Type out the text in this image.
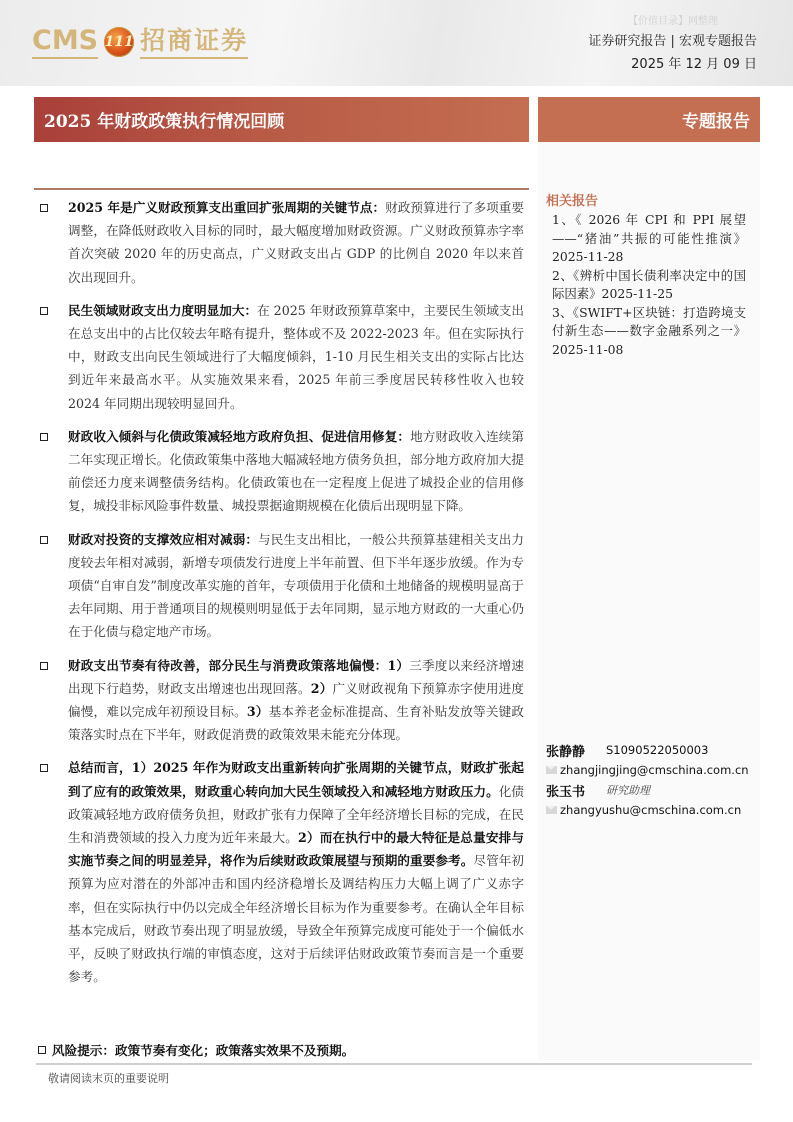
CMS 111 招商证券
【价值目录】网整理
证券研究报告 | 宏观专题报告
2025 年 12 月 09 日
2025 年财政政策执行情况回顾	专题报告
2025 年是广义财政预算支出重回扩张周期的关键节点：财政预算进行了多项重要调整，在降低财政收入目标的同时，最大幅度增加财政资源。广义财政预算赤字率首次突破 2020 年的历史高点，广义财政支出占 GDP 的比例自 2020 年以来首次出现回升。
民生领域财政支出力度明显加大：在 2025 年财政预算草案中，主要民生领域支出在总支出中的占比仅较去年略有提升，整体或不及 2022-2023 年。但在实际执行中，财政支出向民生领域进行了大幅度倾斜，1-10 月民生相关支出的实际占比达到近年来最高水平。从实施效果来看，2025 年前三季度居民转移性收入也较 2024 年同期出现较明显回升。
财政收入倾斜与化债政策减轻地方政府负担、促进信用修复：地方财政收入连续第二年实现正增长。化债政策集中落地大幅减轻地方债务负担，部分地方政府加大提前偿还力度来调整债务结构。化债政策也在一定程度上促进了城投企业的信用修复，城投非标风险事件数量、城投票据逾期规模在化债后出现明显下降。
财政对投资的支撑效应相对减弱：与民生支出相比，一般公共预算基建相关支出力度较去年相对减弱，新增专项债发行进度上半年前置、但下半年逐步放缓。作为专项债“自审自发”制度改革实施的首年，专项债用于化债和土地储备的规模明显高于去年同期、用于普通项目的规模则明显低于去年同期，显示地方财政的一大重心仍在于化债与稳定地产市场。
财政支出节奏有待改善，部分民生与消费政策落地偏慢：1）三季度以来经济增速出现下行趋势，财政支出增速也出现回落。2）广义财政视角下预算赤字使用进度偏慢，难以完成年初预设目标。3）基本养老金标准提高、生育补贴发放等关键政策落实时点在下半年，财政促消费的政策效果未能充分体现。
总结而言，1）2025 年作为财政支出重新转向扩张周期的关键节点，财政扩张起到了应有的政策效果，财政重心转向加大民生领域投入和减轻地方财政压力。化债政策减轻地方政府债务负担，财政扩张有力保障了全年经济增长目标的完成，在民生和消费领域的投入力度为近年来最大。2）而在执行中的最大特征是总量安排与实施节奏之间的明显差异，将作为后续财政政策展望与预期的重要参考。尽管年初预算为应对潜在的外部冲击和国内经济稳增长及调结构压力大幅上调了广义赤字率，但在实际执行中仍以完成全年经济增长目标为作为重要参考。在确认全年目标基本完成后，财政节奏出现了明显放缓，导致全年预算完成度可能处于一个偏低水平，反映了财政执行端的审慎态度，这对于后续评估财政政策节奏而言是一个重要参考。
风险提示：政策节奏有变化；政策落实效果不及预期。
敬请阅读末页的重要说明
相关报告
1、《 2026 年 CPI 和 PPI 展望——“猪油”共振的可能性推演》2025-11-28
2、《辨析中国长债利率决定中的国际因素》2025-11-25
3、《SWIFT+区块链：打造跨境支付新生态——数字金融系列之一》2025-11-08
张静静	S1090522050003
zhangjingjing@cmschina.com.cn
张玉书	研究助理
zhangyushu@cmschina.com.cn
